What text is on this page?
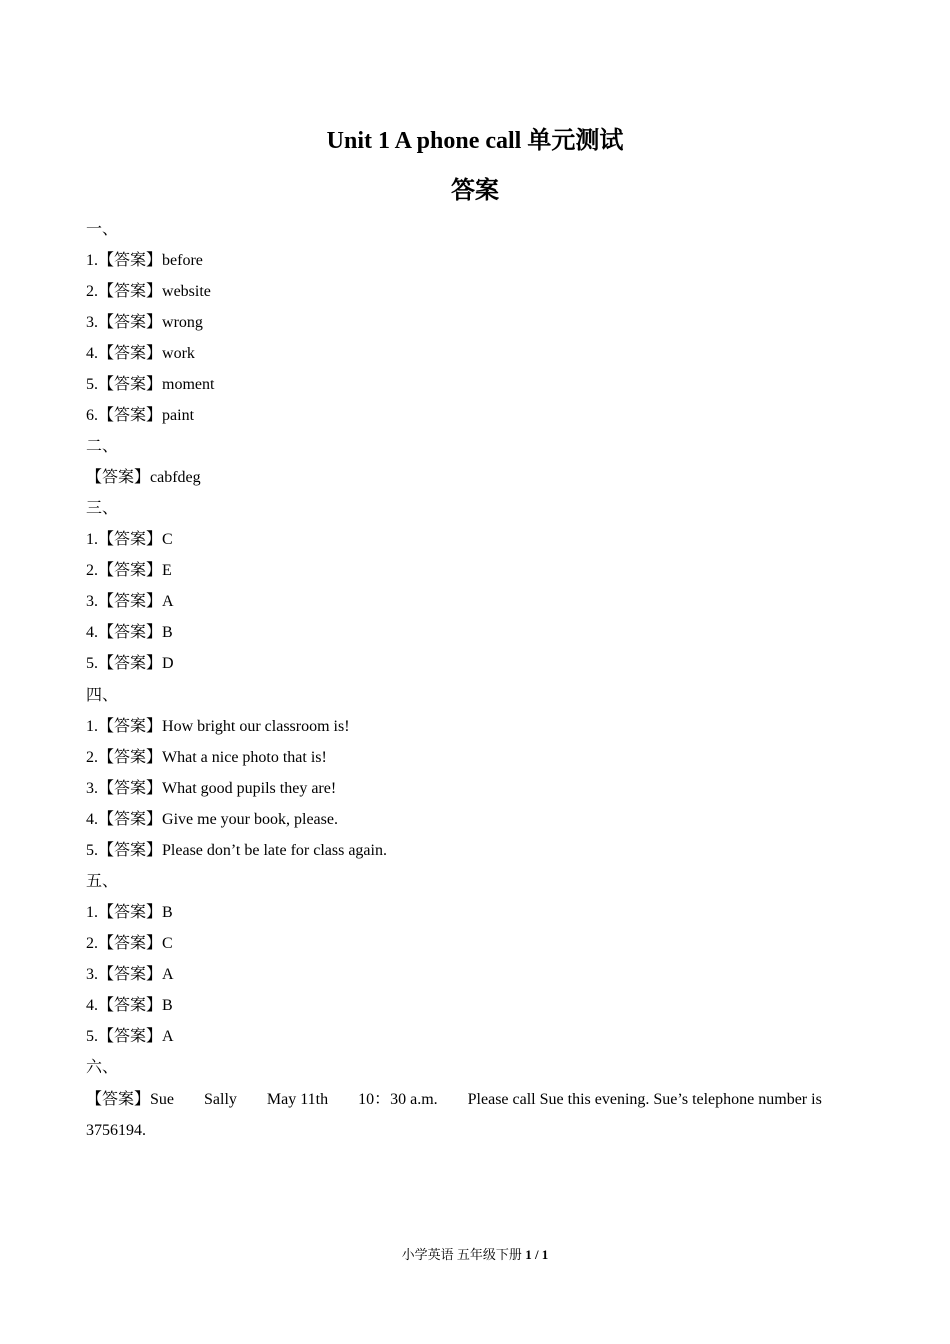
Unit 1 A phone call 单元测试
答案
一、
1.【答案】before
2.【答案】website
3.【答案】wrong
4.【答案】work
5.【答案】moment
6.【答案】paint
二、
【答案】cabfdeg
三、
1.【答案】C
2.【答案】E
3.【答案】A
4.【答案】B
5.【答案】D
四、
1.【答案】How bright our classroom is!
2.【答案】What a nice photo that is!
3.【答案】What good pupils they are!
4.【答案】Give me your book, please.
5.【答案】Please don’t be late for class again.
五、
1.【答案】B
2.【答案】C
3.【答案】A
4.【答案】B
5.【答案】A
六、
【答案】Sue Sally May 11th 10：30 a.m. Please call Sue this evening. Sue’s telephone number is
3756194.
小学英语 五年级下册 1 / 1
